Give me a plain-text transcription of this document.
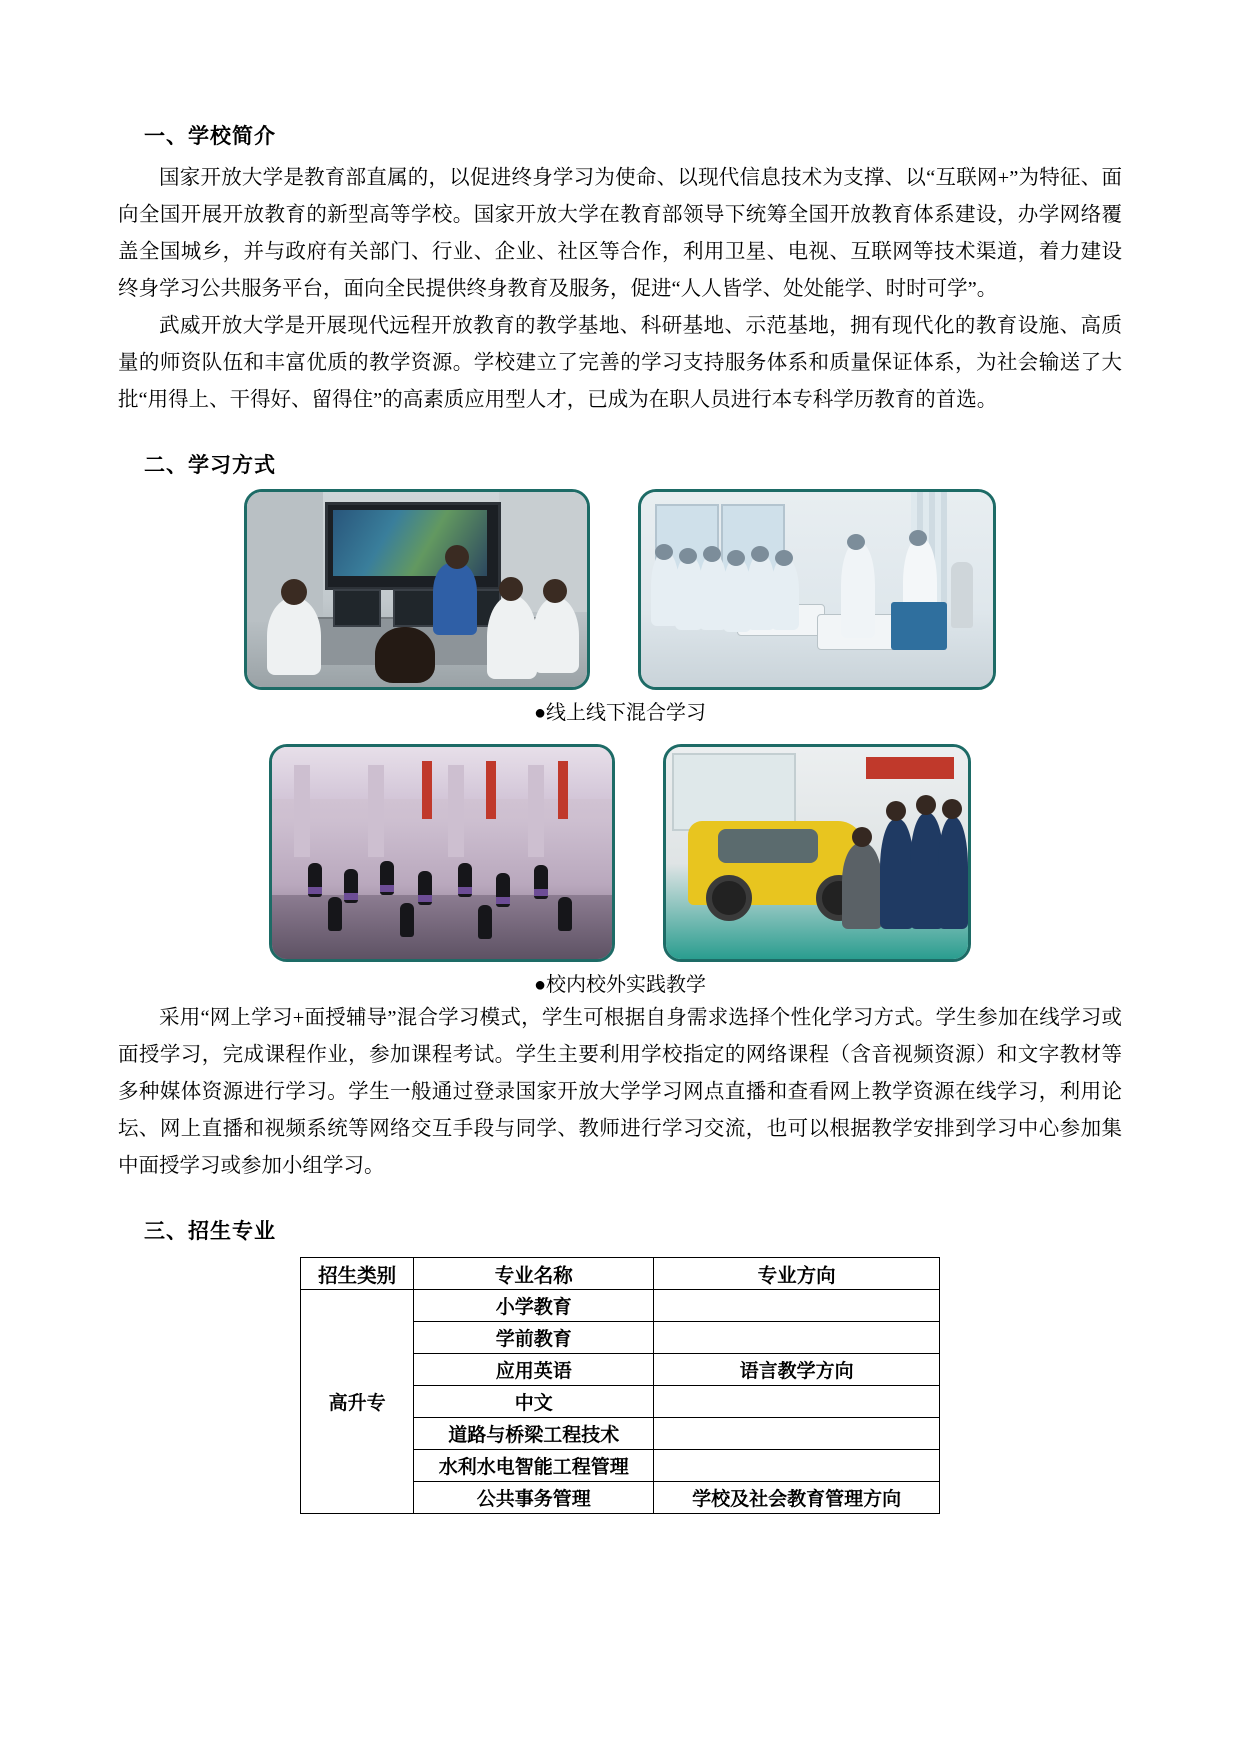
一、学校简介

国家开放大学是教育部直属的，以促进终身学习为使命、以现代信息技术为支撑、以“互联网+”为特征、面向全国开展开放教育的新型高等学校。国家开放大学在教育部领导下统筹全国开放教育体系建设，办学网络覆盖全国城乡，并与政府有关部门、行业、企业、社区等合作，利用卫星、电视、互联网等技术渠道，着力建设终身学习公共服务平台，面向全民提供终身教育及服务，促进“人人皆学、处处能学、时时可学”。

武威开放大学是开展现代远程开放教育的教学基地、科研基地、示范基地，拥有现代化的教育设施、高质量的师资队伍和丰富优质的教学资源。学校建立了完善的学习支持服务体系和质量保证体系，为社会输送了大批“用得上、干得好、留得住”的高素质应用型人才，已成为在职人员进行本专科学历教育的首选。

二、学习方式

●线上线下混合学习

●校内校外实践教学

采用“网上学习+面授辅导”混合学习模式，学生可根据自身需求选择个性化学习方式。学生参加在线学习或面授学习，完成课程作业，参加课程考试。学生主要利用学校指定的网络课程（含音视频资源）和文字教材等多种媒体资源进行学习。学生一般通过登录国家开放大学学习网点直播和查看网上教学资源在线学习，利用论坛、网上直播和视频系统等网络交互手段与同学、教师进行学习交流，也可以根据教学安排到学习中心参加集中面授学习或参加小组学习。

三、招生专业
招生类别	专业名称	专业方向
高升专	小学教育	
	学前教育	
	应用英语	语言教学方向
	中文	
	道路与桥梁工程技术	
	水利水电智能工程管理	
	公共事务管理	学校及社会教育管理方向
